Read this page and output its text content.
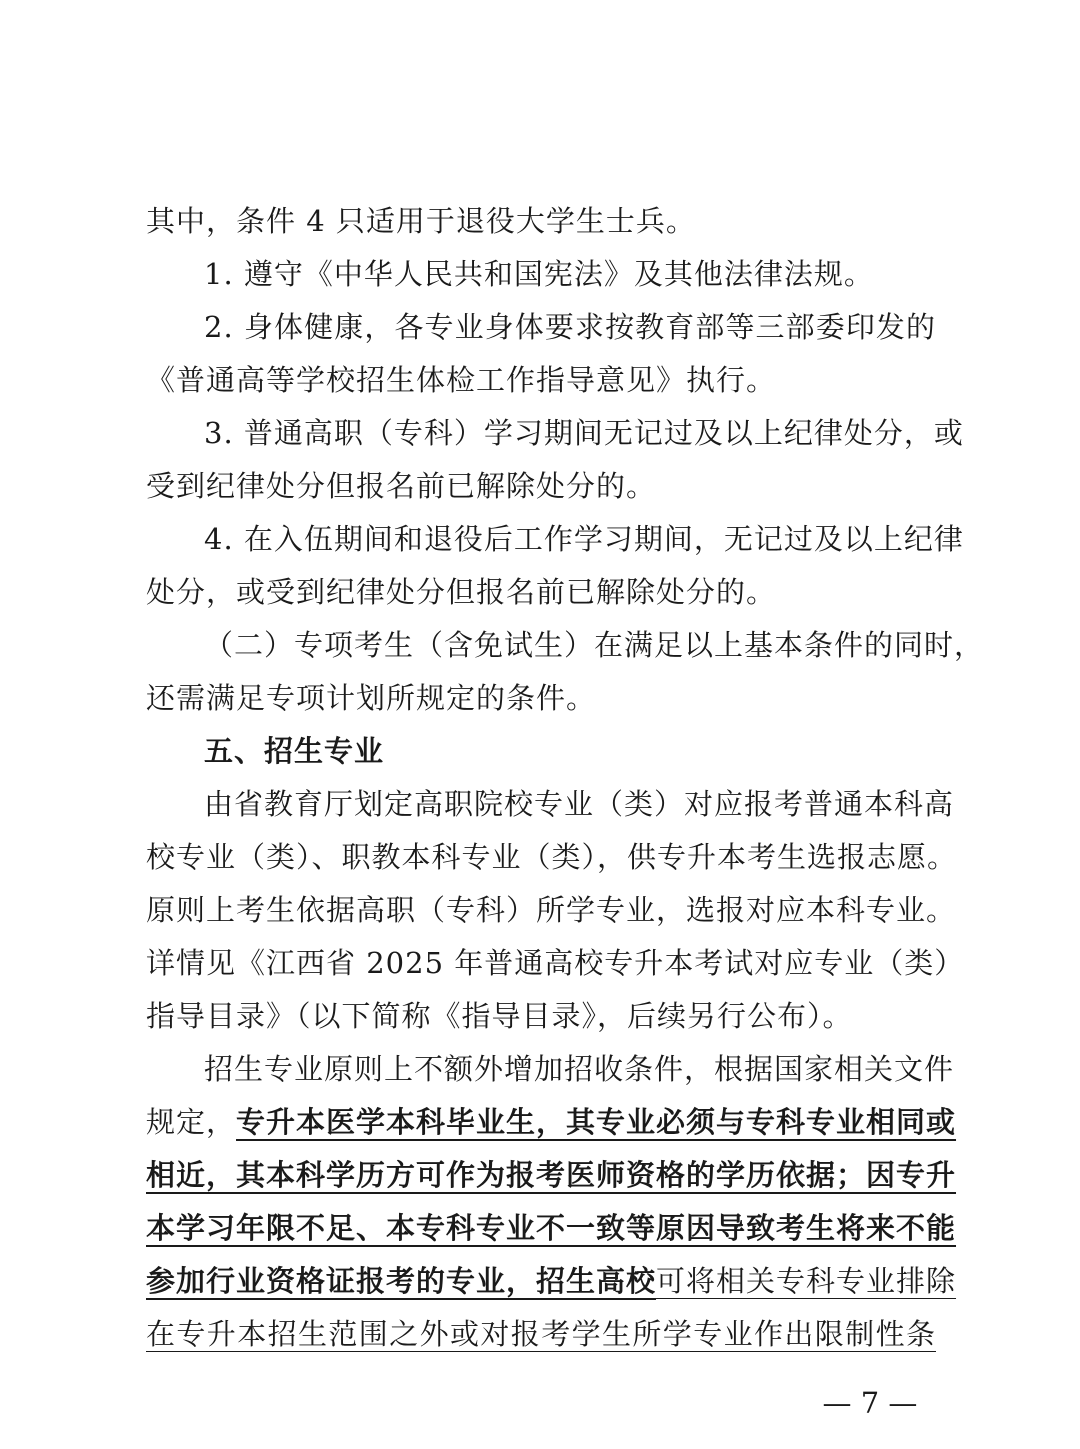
其中，条件 4 只适用于退役大学生士兵。
1. 遵守《中华人民共和国宪法》及其他法律法规。
2. 身体健康，各专业身体要求按教育部等三部委印发的
《普通高等学校招生体检工作指导意见》执行。
3. 普通高职（专科）学习期间无记过及以上纪律处分，或
受到纪律处分但报名前已解除处分的。
4. 在入伍期间和退役后工作学习期间，无记过及以上纪律
处分，或受到纪律处分但报名前已解除处分的。
（二）专项考生（含免试生）在满足以上基本条件的同时，
还需满足专项计划所规定的条件。
五、招生专业
由省教育厅划定高职院校专业（类）对应报考普通本科高
校专业（类）、职教本科专业（类），供专升本考生选报志愿。
原则上考生依据高职（专科）所学专业，选报对应本科专业。
详情见《江西省 2025 年普通高校专升本考试对应专业（类）
指导目录》（以下简称《指导目录》，后续另行公布）。
招生专业原则上不额外增加招收条件，根据国家相关文件
规定，专升本医学本科毕业生，其专业必须与专科专业相同或
相近，其本科学历方可作为报考医师资格的学历依据；因专升
本学习年限不足、本专科专业不一致等原因导致考生将来不能
参加行业资格证报考的专业，招生高校可将相关专科专业排除
在专升本招生范围之外或对报考学生所学专业作出限制性条
— 7 —
